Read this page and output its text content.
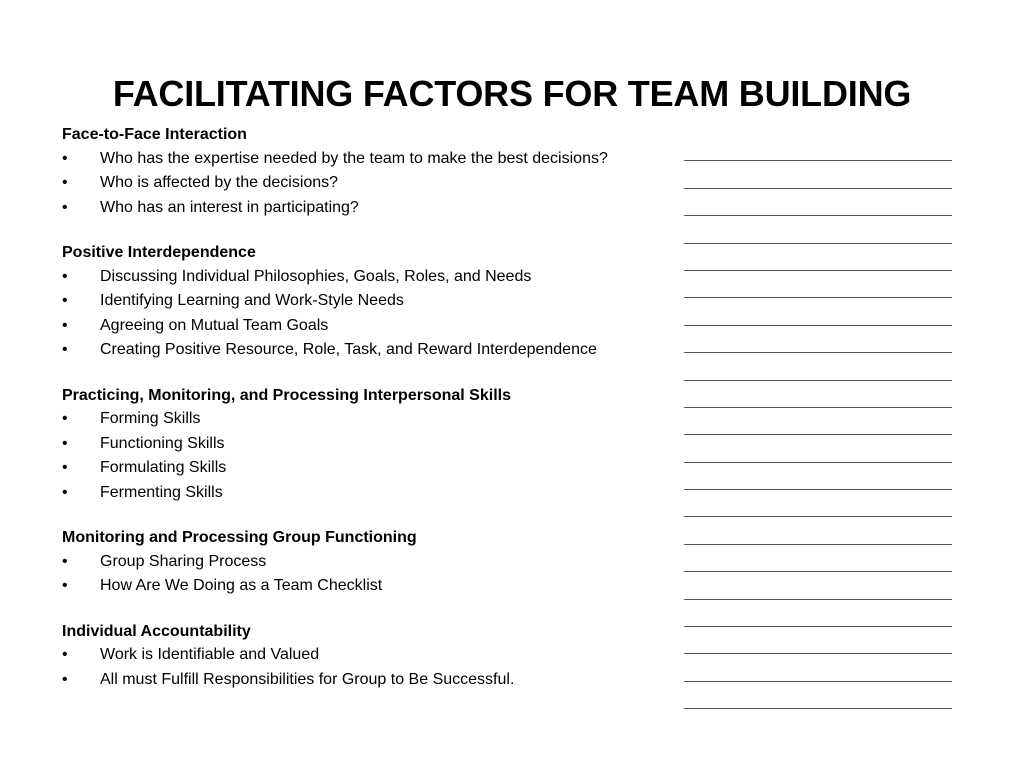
FACILITATING FACTORS FOR TEAM BUILDING
Face-to-Face Interaction
• Who has the expertise needed by the team to make the best decisions?
• Who is affected by the decisions?
• Who has an interest in participating?
Positive Interdependence
• Discussing Individual Philosophies, Goals, Roles, and Needs
• Identifying Learning and Work-Style Needs
• Agreeing on Mutual Team Goals
• Creating Positive Resource, Role, Task, and Reward Interdependence
Practicing, Monitoring, and Processing Interpersonal Skills
• Forming Skills
• Functioning Skills
• Formulating Skills
• Fermenting Skills
Monitoring and Processing Group Functioning
• Group Sharing Process
• How Are We Doing as a Team Checklist
Individual Accountability
• Work is Identifiable and Valued
• All must Fulfill Responsibilities for Group to Be Successful.
